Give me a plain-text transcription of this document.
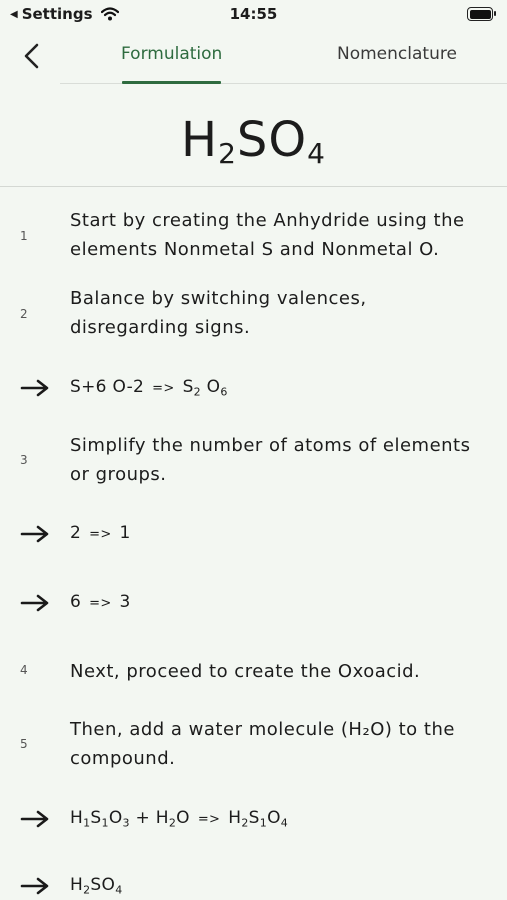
◀ Settings	14:55
Formulation	Nomenclature
$H_2SO_4$
1
Start by creating the Anhydride using the elements Nonmetal S and Nonmetal O.
2
Balance by switching valences, disregarding signs.
S+6 $O-2 => S_2$ $O_6$
3
Simplify the number of atoms of elements or groups.
2 => 1
6 => 3
4 Next, proceed to create the Oxoacid.
5
Then, add a water molecule (H₂O) to the compound.
$H_1S_1O_3 + H_2O => H_2S_1O_4$
$H_2SO_4$
